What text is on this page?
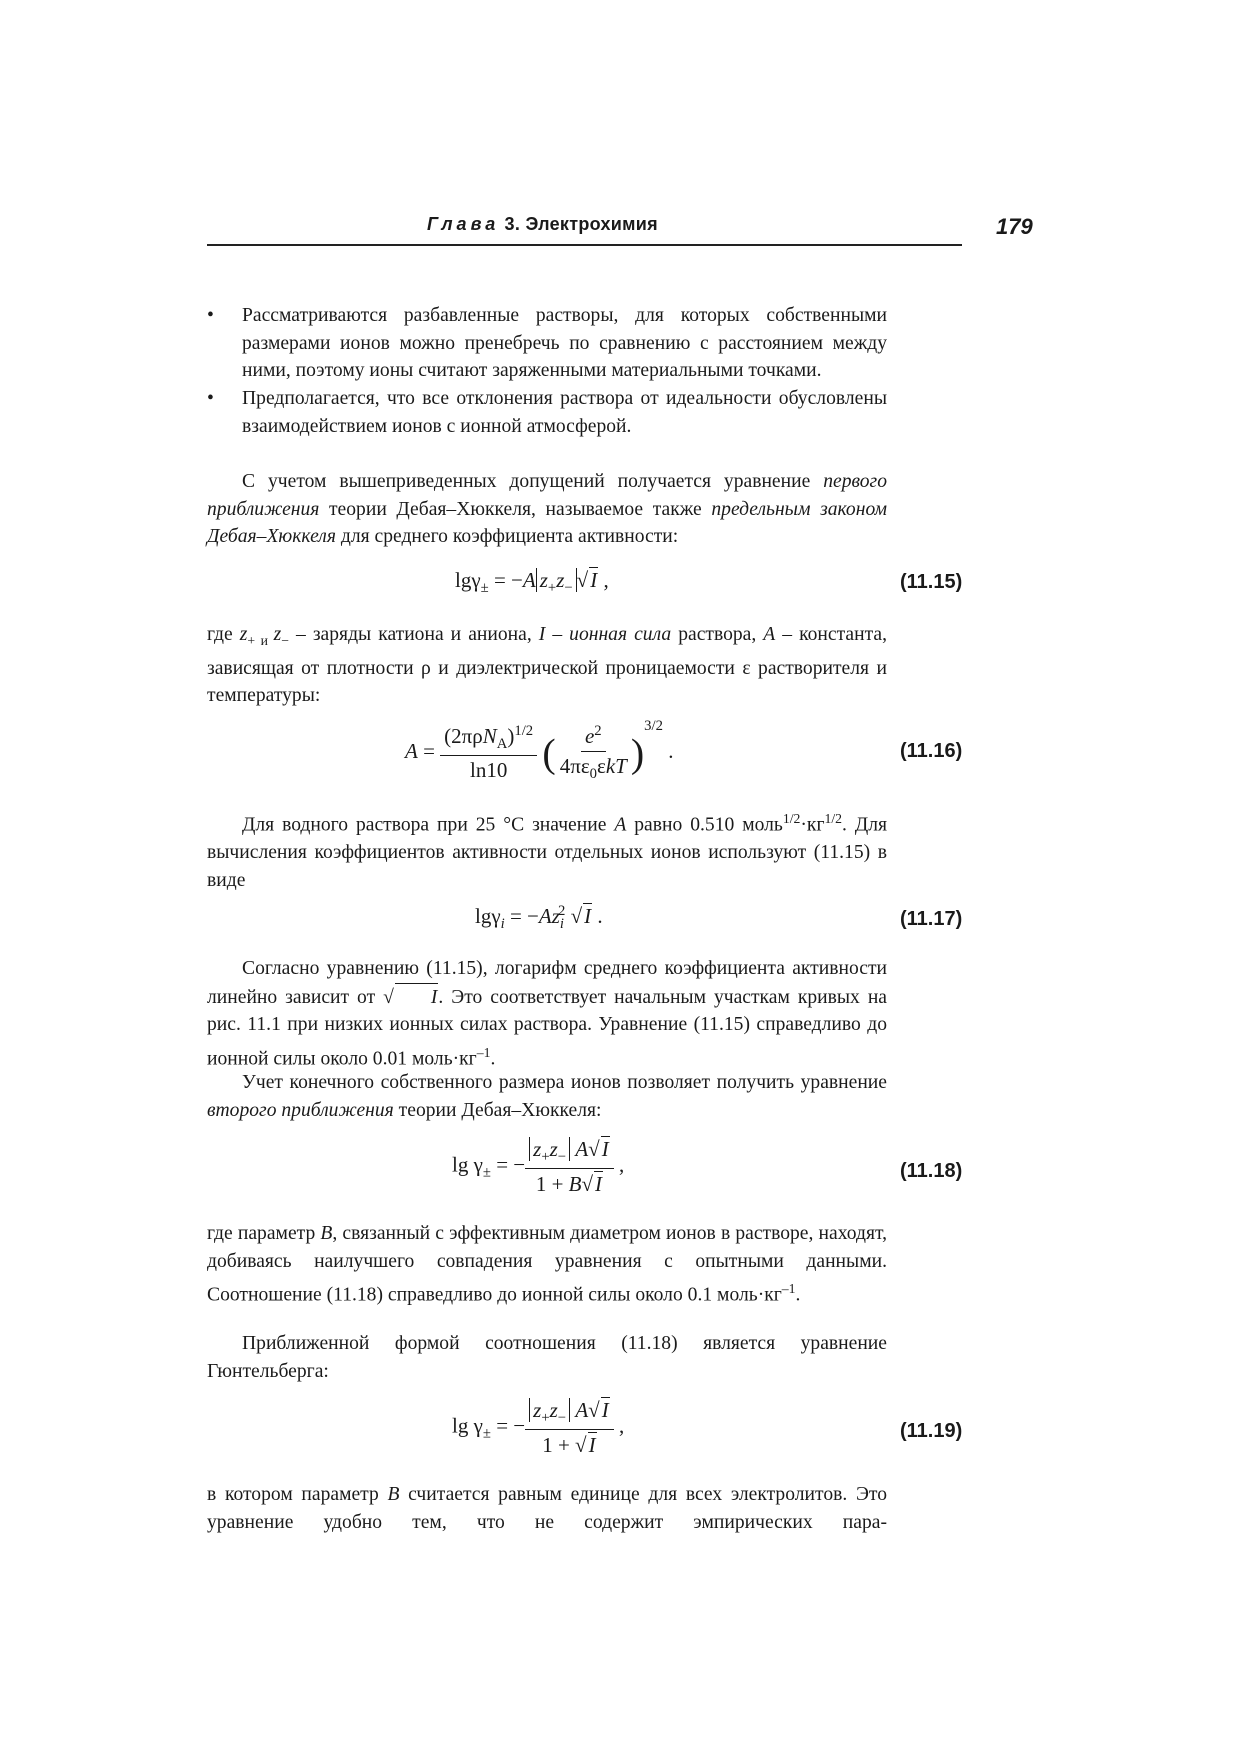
Глава 3. Электрохимия	179
• Рассматриваются разбавленные растворы, для которых собственными размерами ионов можно пренебречь по сравнению с расстоянием между ними, поэтому ионы считают заряженными материальными точками.
• Предполагается, что все отклонения раствора от идеальности обусловлены взаимодействием ионов с ионной атмосферой.
С учетом вышеприведенных допущений получается уравнение первого приближения теории Дебая–Хюккеля, называемое также предельным законом Дебая–Хюккеля для среднего коэффициента активности:
lgγ$_\pm$ = −A $z_+z_-$ √I ,	(11.15)
где $z_{+ и}$ $z_-$ – заряды катиона и аниона, I – ионная сила раствора, A – константа, зависящая от плотности ρ и диэлектрической проницаемости ε растворителя и температуры:
$A = \frac{(2\pi\rho N_A)^{1/2}}{\ln 10}$ ( $\frac{e^2}{4\pi\varepsilon_0\varepsilon kT} )^{3/2}$ .	(11.16)
Для водного раствора при 25 °C значение A равно 0.510 $моль^{1/2}\cdot кг^{1/2}$. Для вычисления коэффициентов активности отдельных ионов используют (11.15) в виде
$\lg\gamma_i = -Az_i^2$ √I .	(11.17)
Согласно уравнению (11.15), логарифм среднего коэффициента активности линейно зависит от √ I. Это соответствует начальным участкам кривых на рис. 11.1 при низких ионных силах раствора. Уравнение (11.15) справедливо до ионной силы около 0.01 $моль\cdot кг^{-1}$.
Учет конечного собственного размера ионов позволяет получить уравнение второго приближения теории Дебая–Хюккеля:
$\lg \gamma_\pm$ = − $\frac{z_+z_- A√I}{1 + B√I}$ ,	(11.18)
где параметр B, связанный с эффективным диаметром ионов в растворе, находят, добиваясь наилучшего совпадения уравнения с опытными данными. Соотношение (11.18) справедливо до ионной силы около 0.1 $моль\cdot кг^{-1}$.
Приближенной формой соотношения (11.18) является уравнение Гюнтельберга:
$\lg \gamma_\pm$ = − $\frac{z_+z_- A√I}{1 + √I}$ ,	(11.19)
в котором параметр B считается равным единице для всех электролитов. Это уравнение удобно тем, что не содержит эмпирических пара-
